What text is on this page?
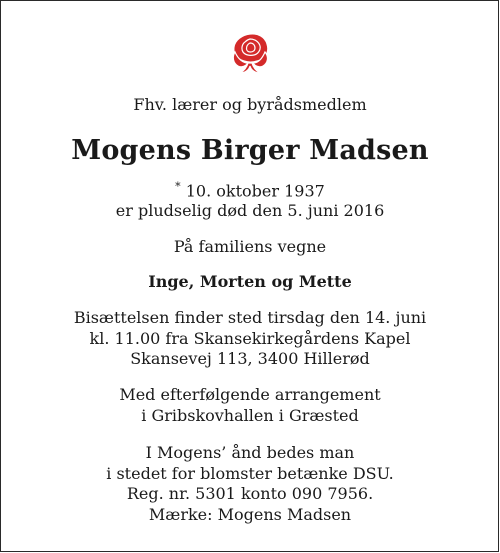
Fhv. lærer og byrådsmedlem
Mogens Birger Madsen
* 10. oktober 1937
er pludselig død den 5. juni 2016
På familiens vegne
Inge, Morten og Mette
Bisættelsen finder sted tirsdag den 14. juni
kl. 11.00 fra Skansekirkegårdens Kapel
Skansevej 113, 3400 Hillerød
Med efterfølgende arrangement
i Gribskovhallen i Græsted
I Mogens’ ånd bedes man
i stedet for blomster betænke DSU.
Reg. nr. 5301 konto 090 7956.
Mærke: Mogens Madsen
